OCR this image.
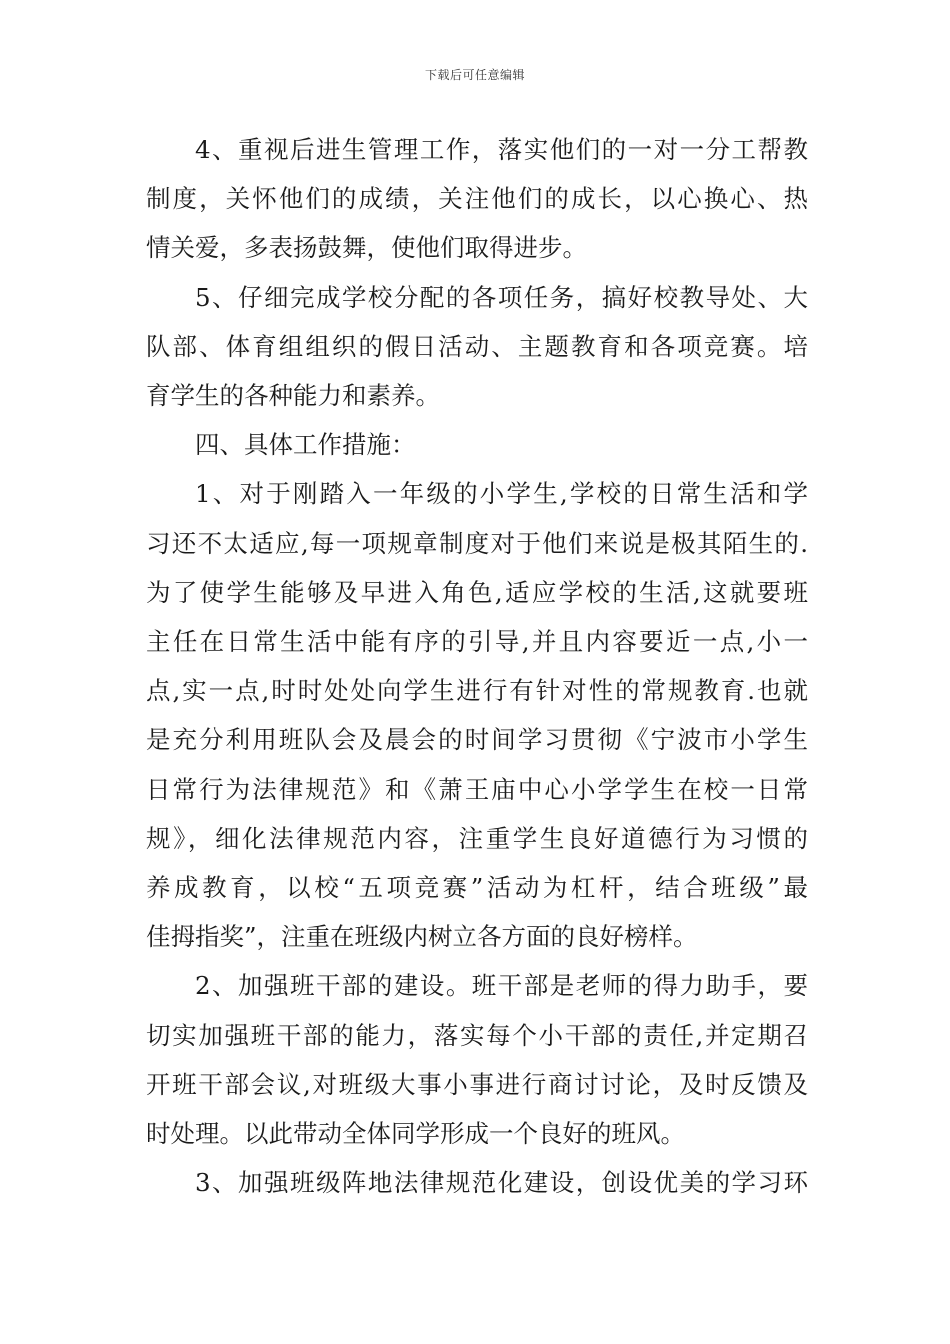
下载后可任意编辑
4、重视后进生管理工作，落实他们的一对一分工帮教
制度，关怀他们的成绩，关注他们的成长，以心换心、热
情关爱，多表扬鼓舞，使他们取得进步。
5、仔细完成学校分配的各项任务，搞好校教导处、大
队部、体育组组织的假日活动、主题教育和各项竞赛。培
育学生的各种能力和素养。
四、具体工作措施：
1、对于刚踏入一年级的小学生,学校的日常生活和学
习还不太适应,每一项规章制度对于他们来说是极其陌生的.
为了使学生能够及早进入角色,适应学校的生活,这就要班
主任在日常生活中能有序的引导,并且内容要近一点,小一
点,实一点,时时处处向学生进行有针对性的常规教育.也就
是充分利用班队会及晨会的时间学习贯彻《宁波市小学生
日常行为法律规范》和《萧王庙中心小学学生在校一日常
规》，细化法律规范内容，注重学生良好道德行为习惯的
养成教育，以校“五项竞赛”活动为杠杆，结合班级”最
佳拇指奖”，注重在班级内树立各方面的良好榜样。
2、加强班干部的建设。班干部是老师的得力助手，要
切实加强班干部的能力，落实每个小干部的责任,并定期召
开班干部会议,对班级大事小事进行商讨讨论，及时反馈及
时处理。以此带动全体同学形成一个良好的班风。
3、加强班级阵地法律规范化建设，创设优美的学习环
